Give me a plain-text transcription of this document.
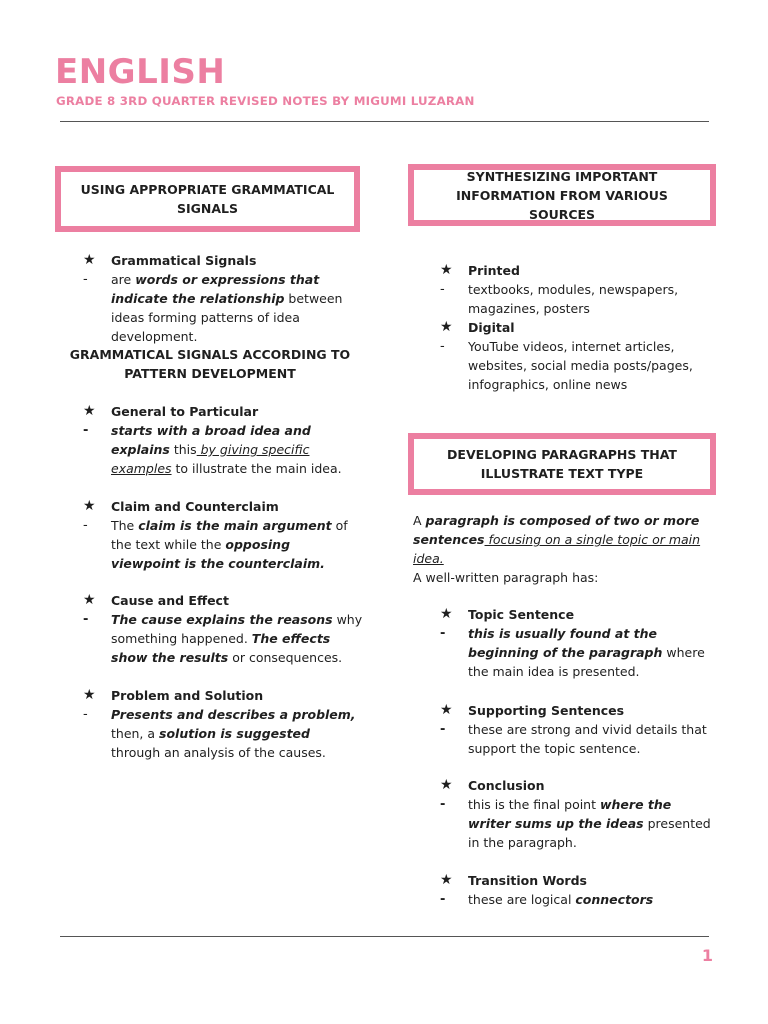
ENGLISH
GRADE 8 3RD QUARTER REVISED NOTES BY MIGUMI LUZARAN
USING APPROPRIATE GRAMMATICAL SIGNALS
★	Grammatical Signals
-	are words or expressions that indicate the relationship between ideas forming patterns of idea development.
GRAMMATICAL SIGNALS ACCORDING TO PATTERN DEVELOPMENT
★	General to Particular
-	starts with a broad idea and explains this by giving specific examples to illustrate the main idea.
★	Claim and Counterclaim
-	The claim is the main argument of the text while the opposing viewpoint is the counterclaim.
★	Cause and Effect
-	The cause explains the reasons why something happened. The effects show the results or consequences.
★	Problem and Solution
-	Presents and describes a problem, then, a solution is suggested through an analysis of the causes.
SYNTHESIZING IMPORTANT INFORMATION FROM VARIOUS SOURCES
★	Printed
-	textbooks, modules, newspapers, magazines, posters
★	Digital
-	YouTube videos, internet articles, websites, social media posts/pages, infographics, online news
DEVELOPING PARAGRAPHS THAT ILLUSTRATE TEXT TYPE
A paragraph is composed of two or more sentences focusing on a single topic or main idea.
A well-written paragraph has:
★	Topic Sentence
-	this is usually found at the beginning of the paragraph where the main idea is presented.
★	Supporting Sentences
-	these are strong and vivid details that support the topic sentence.
★	Conclusion
-	this is the final point where the writer sums up the ideas presented in the paragraph.
★	Transition Words
-	these are logical connectors
1
